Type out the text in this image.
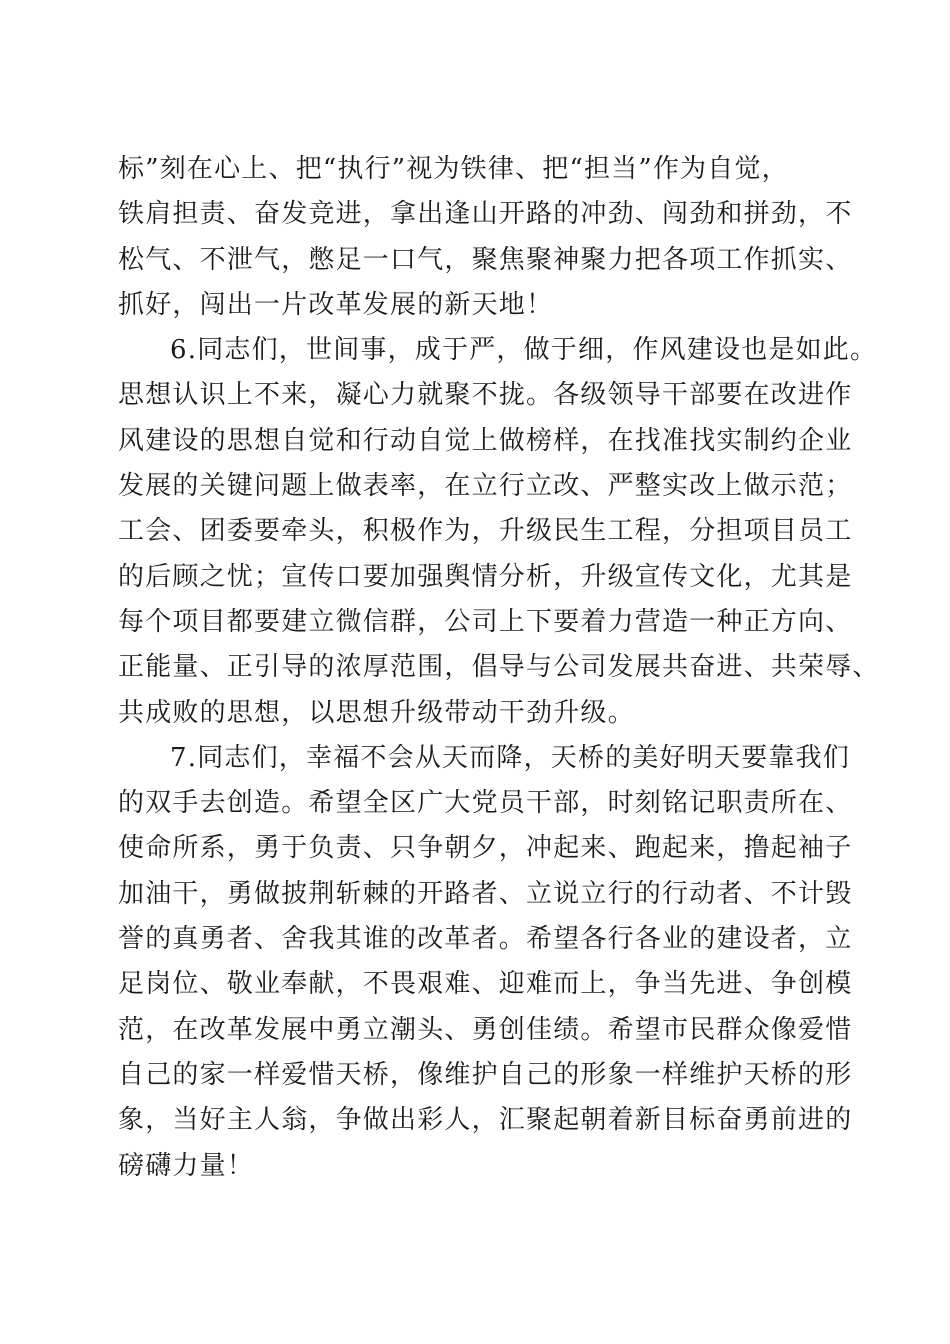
标”刻在心上、把“执行”视为铁律、把“担当”作为自觉，
铁肩担责、奋发竞进，拿出逢山开路的冲劲、闯劲和拼劲，不
松气、不泄气，憋足一口气，聚焦聚神聚力把各项工作抓实、
抓好，闯出一片改革发展的新天地！
6.同志们，世间事，成于严，做于细，作风建设也是如此。
思想认识上不来，凝心力就聚不拢。各级领导干部要在改进作
风建设的思想自觉和行动自觉上做榜样，在找准找实制约企业
发展的关键问题上做表率，在立行立改、严整实改上做示范；
工会、团委要牵头，积极作为，升级民生工程，分担项目员工
的后顾之忧；宣传口要加强舆情分析，升级宣传文化，尤其是
每个项目都要建立微信群，公司上下要着力营造一种正方向、
正能量、正引导的浓厚范围，倡导与公司发展共奋进、共荣辱、
共成败的思想，以思想升级带动干劲升级。
7.同志们，幸福不会从天而降，天桥的美好明天要靠我们
的双手去创造。希望全区广大党员干部，时刻铭记职责所在、
使命所系，勇于负责、只争朝夕，冲起来、跑起来，撸起袖子
加油干，勇做披荆斩棘的开路者、立说立行的行动者、不计毁
誉的真勇者、舍我其谁的改革者。希望各行各业的建设者，立
足岗位、敬业奉献，不畏艰难、迎难而上，争当先进、争创模
范，在改革发展中勇立潮头、勇创佳绩。希望市民群众像爱惜
自己的家一样爱惜天桥，像维护自己的形象一样维护天桥的形
象，当好主人翁，争做出彩人，汇聚起朝着新目标奋勇前进的
磅礴力量！
